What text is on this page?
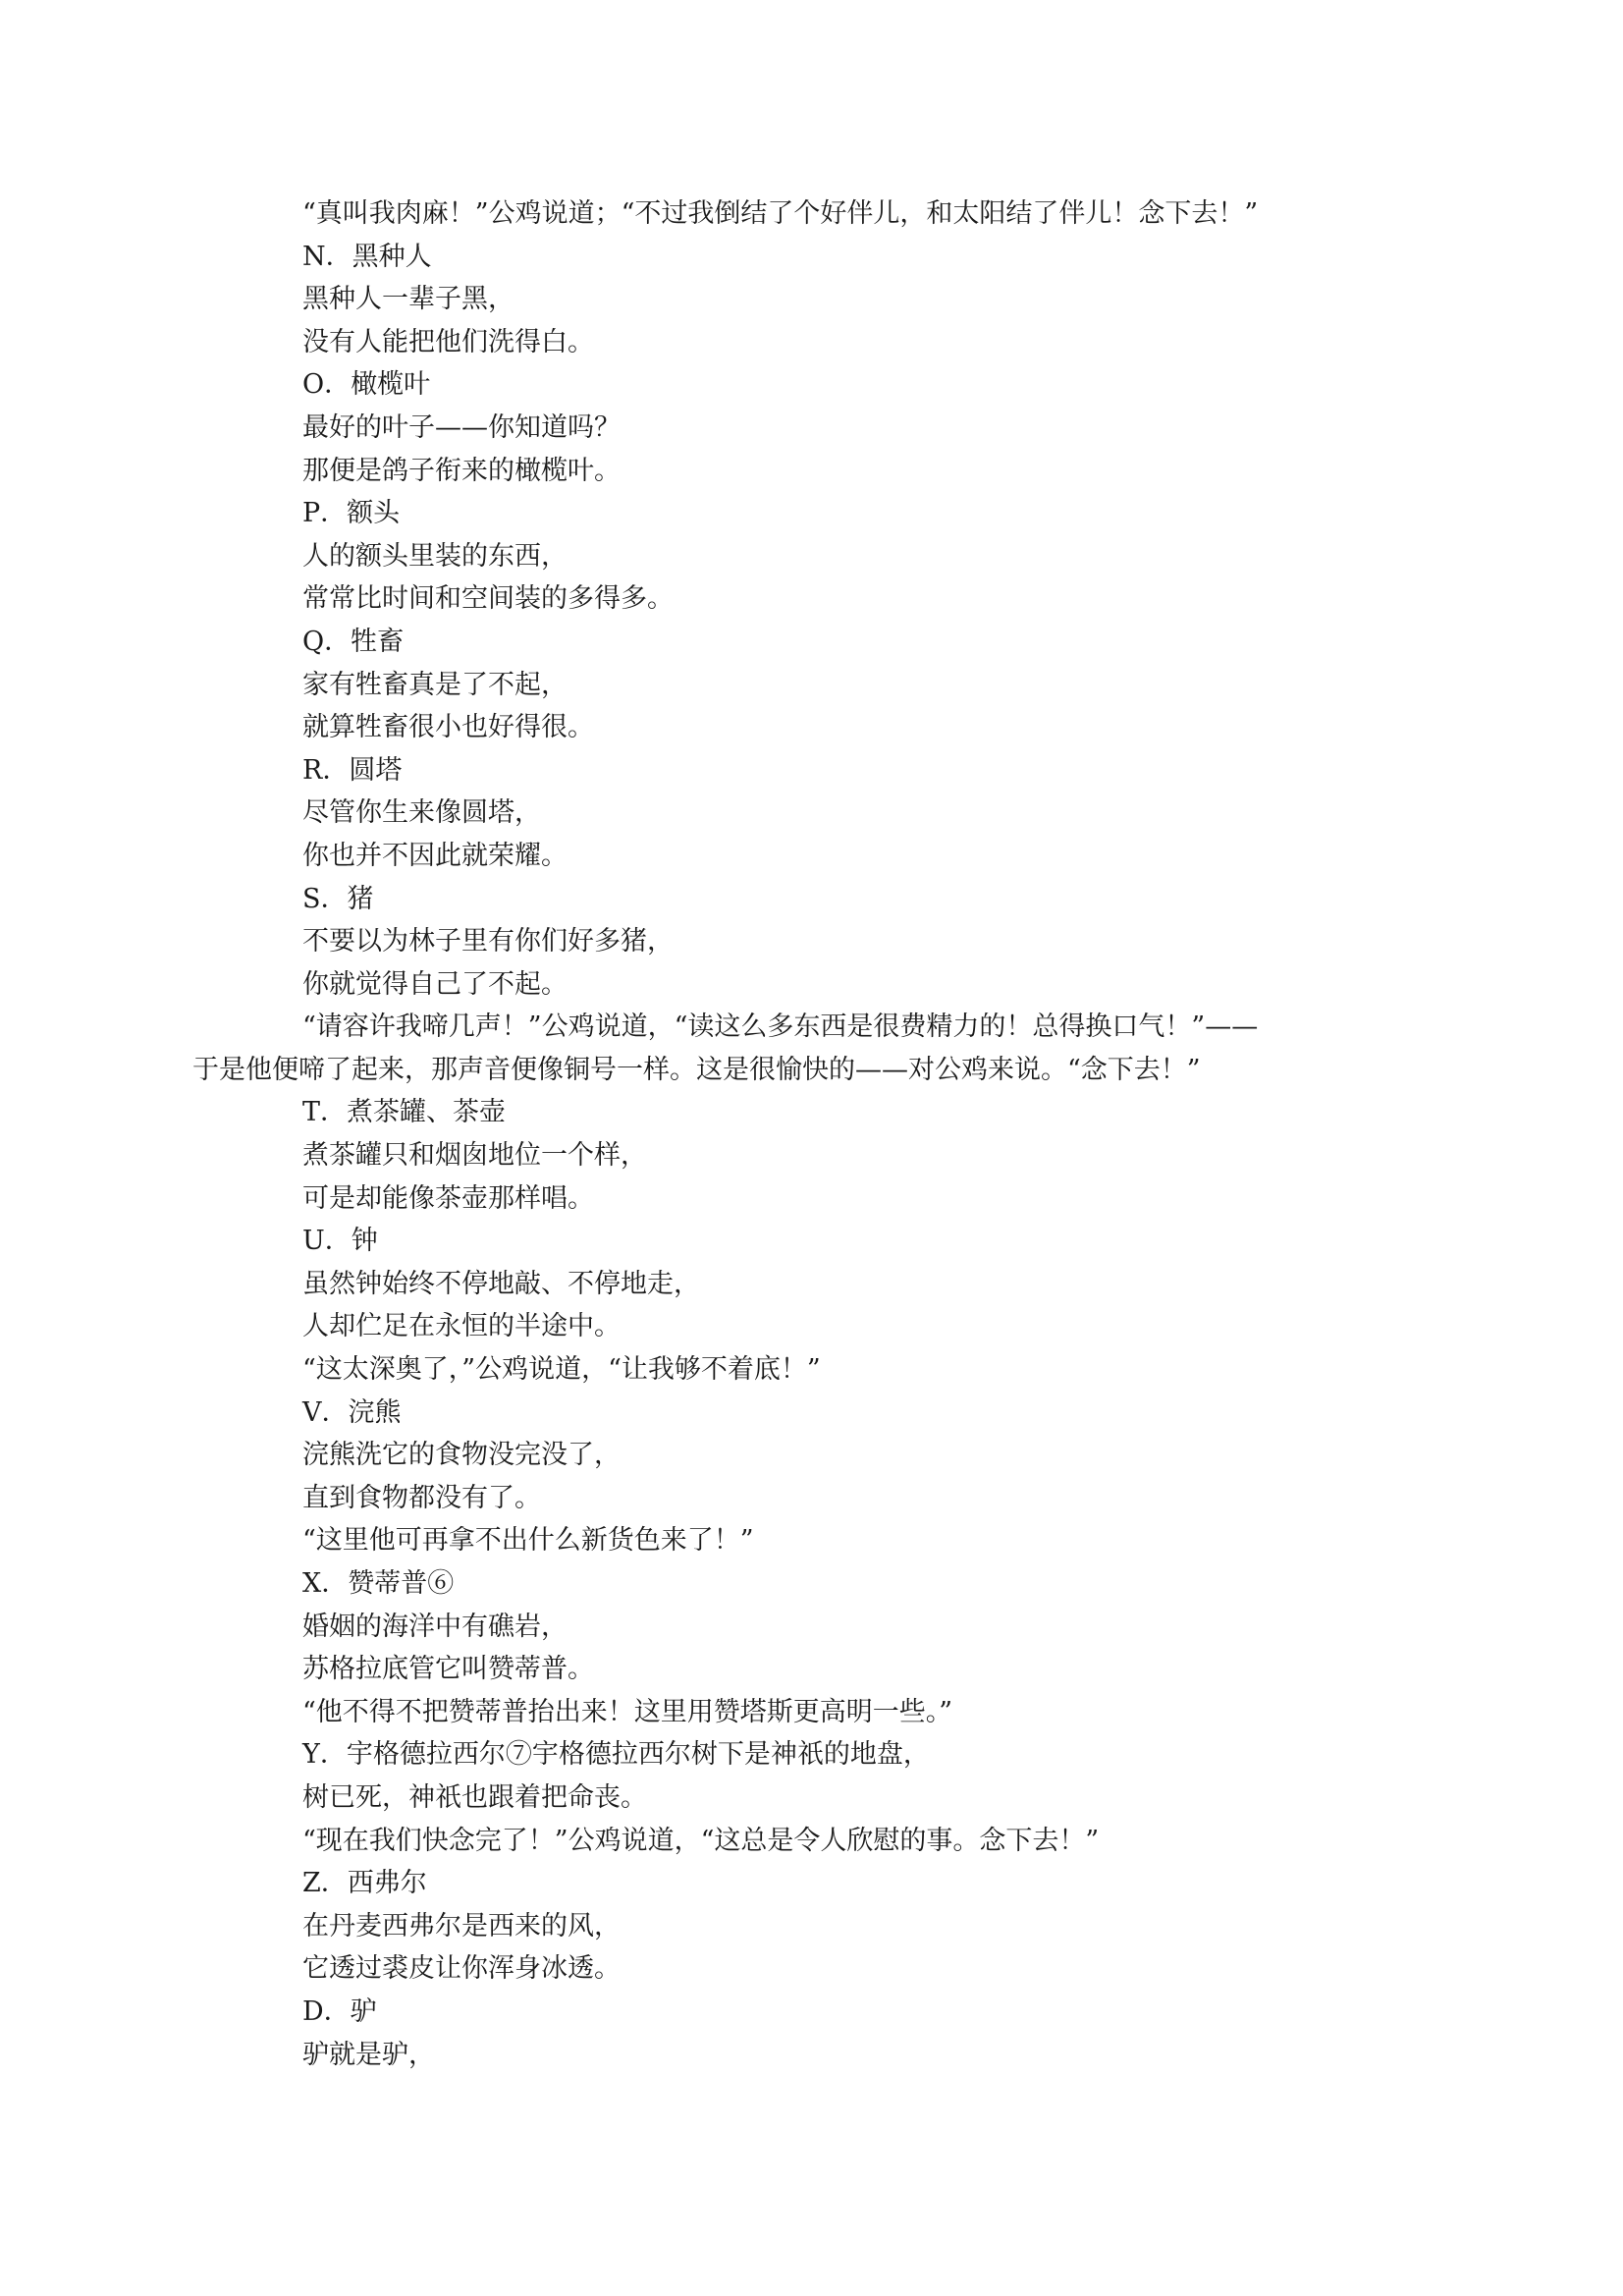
“真叫我肉麻！”公鸡说道；“不过我倒结了个好伴儿，和太阳结了伴儿！念下去！”

N．黑种人

黑种人一辈子黑，

没有人能把他们洗得白。

O．橄榄叶

最好的叶子——你知道吗？

那便是鸽子衔来的橄榄叶。

P．额头

人的额头里装的东西，

常常比时间和空间装的多得多。

Q．牲畜

家有牲畜真是了不起，

就算牲畜很小也好得很。

R．圆塔

尽管你生来像圆塔，

你也并不因此就荣耀。

S．猪

不要以为林子里有你们好多猪，

你就觉得自己了不起。

“请容许我啼几声！”公鸡说道，“读这么多东西是很费精力的！总得换口气！”——

于是他便啼了起来，那声音便像铜号一样。这是很愉快的——对公鸡来说。“念下去！”

T．煮茶罐、茶壶

煮茶罐只和烟囱地位一个样，

可是却能像茶壶那样唱。

U．钟

虽然钟始终不停地敲、不停地走，

人却伫足在永恒的半途中。

“这太深奥了，”公鸡说道，“让我够不着底！”

V．浣熊

浣熊洗它的食物没完没了，

直到食物都没有了。

“这里他可再拿不出什么新货色来了！”

X．赞蒂普⑥

婚姻的海洋中有礁岩，

苏格拉底管它叫赞蒂普。

“他不得不把赞蒂普抬出来！这里用赞塔斯更高明一些。”

Y．宇格德拉西尔⑦宇格德拉西尔树下是神祇的地盘，

树已死，神祇也跟着把命丧。

“现在我们快念完了！”公鸡说道，“这总是令人欣慰的事。念下去！”

Z．西弗尔

在丹麦西弗尔是西来的风，

它透过裘皮让你浑身冰透。

D．驴

驴就是驴，
